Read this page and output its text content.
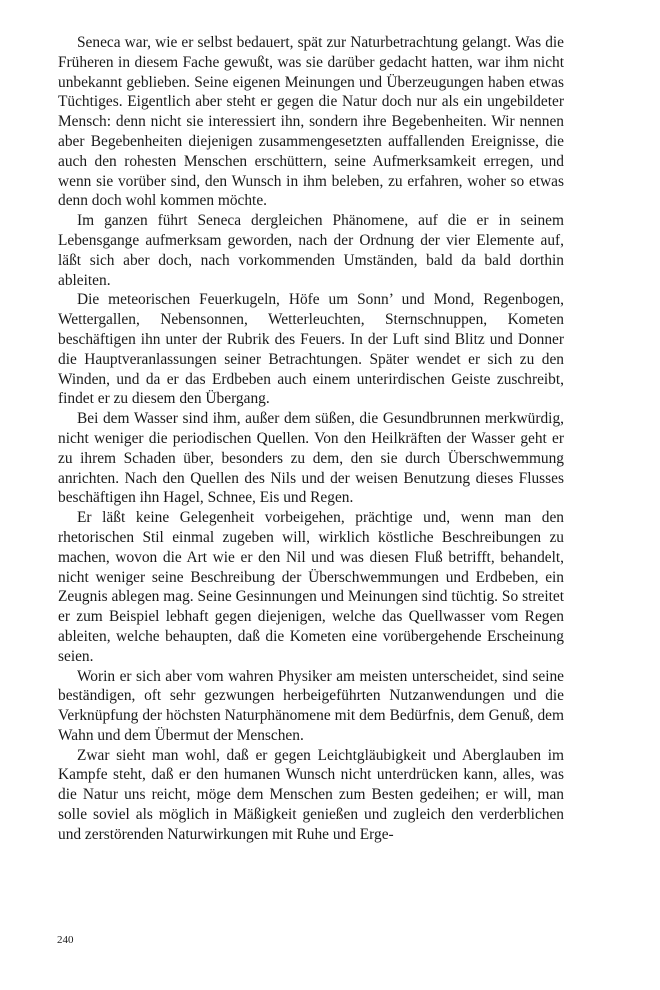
Seneca war, wie er selbst bedauert, spät zur Naturbetrachtung gelangt. Was die Früheren in diesem Fache gewußt, was sie darüber gedacht hatten, war ihm nicht unbekannt geblieben. Seine eigenen Meinungen und Überzeugungen haben etwas Tüchtiges. Eigentlich aber steht er gegen die Natur doch nur als ein ungebildeter Mensch: denn nicht sie interessiert ihn, sondern ihre Begebenheiten. Wir nennen aber Begebenheiten diejenigen zusammengesetzten auffallenden Ereignisse, die auch den rohesten Menschen erschüttern, seine Aufmerksamkeit erregen, und wenn sie vorüber sind, den Wunsch in ihm beleben, zu erfahren, woher so etwas denn doch wohl kommen möchte.

Im ganzen führt Seneca dergleichen Phänomene, auf die er in seinem Lebensgange aufmerksam geworden, nach der Ordnung der vier Elemente auf, läßt sich aber doch, nach vorkommenden Umständen, bald da bald dorthin ableiten.

Die meteorischen Feuerkugeln, Höfe um Sonn’ und Mond, Regenbogen, Wettergallen, Nebensonnen, Wetterleuchten, Sternschnuppen, Kometen beschäftigen ihn unter der Rubrik des Feuers. In der Luft sind Blitz und Donner die Hauptveranlassungen seiner Betrachtungen. Später wendet er sich zu den Winden, und da er das Erdbeben auch einem unterirdischen Geiste zuschreibt, findet er zu diesem den Übergang.

Bei dem Wasser sind ihm, außer dem süßen, die Gesundbrunnen merkwürdig, nicht weniger die periodischen Quellen. Von den Heilkräften der Wasser geht er zu ihrem Schaden über, besonders zu dem, den sie durch Überschwemmung anrichten. Nach den Quellen des Nils und der weisen Benutzung dieses Flusses beschäftigen ihn Hagel, Schnee, Eis und Regen.

Er läßt keine Gelegenheit vorbeigehen, prächtige und, wenn man den rhetorischen Stil einmal zugeben will, wirklich köstliche Beschreibungen zu machen, wovon die Art wie er den Nil und was diesen Fluß betrifft, behandelt, nicht weniger seine Beschreibung der Überschwemmungen und Erdbeben, ein Zeugnis ablegen mag. Seine Gesinnungen und Meinungen sind tüchtig. So streitet er zum Beispiel lebhaft gegen diejenigen, welche das Quellwasser vom Regen ableiten, welche behaupten, daß die Kometen eine vorübergehende Erscheinung seien.

Worin er sich aber vom wahren Physiker am meisten unterscheidet, sind seine beständigen, oft sehr gezwungen herbeigeführten Nutzanwendungen und die Verknüpfung der höchsten Naturphänomene mit dem Bedürfnis, dem Genuß, dem Wahn und dem Übermut der Menschen.

Zwar sieht man wohl, daß er gegen Leichtgläubigkeit und Aberglauben im Kampfe steht, daß er den humanen Wunsch nicht unterdrücken kann, alles, was die Natur uns reicht, möge dem Menschen zum Besten gedeihen; er will, man solle soviel als möglich in Mäßigkeit genießen und zugleich den verderblichen und zerstörenden Naturwirkungen mit Ruhe und Erge-

240
